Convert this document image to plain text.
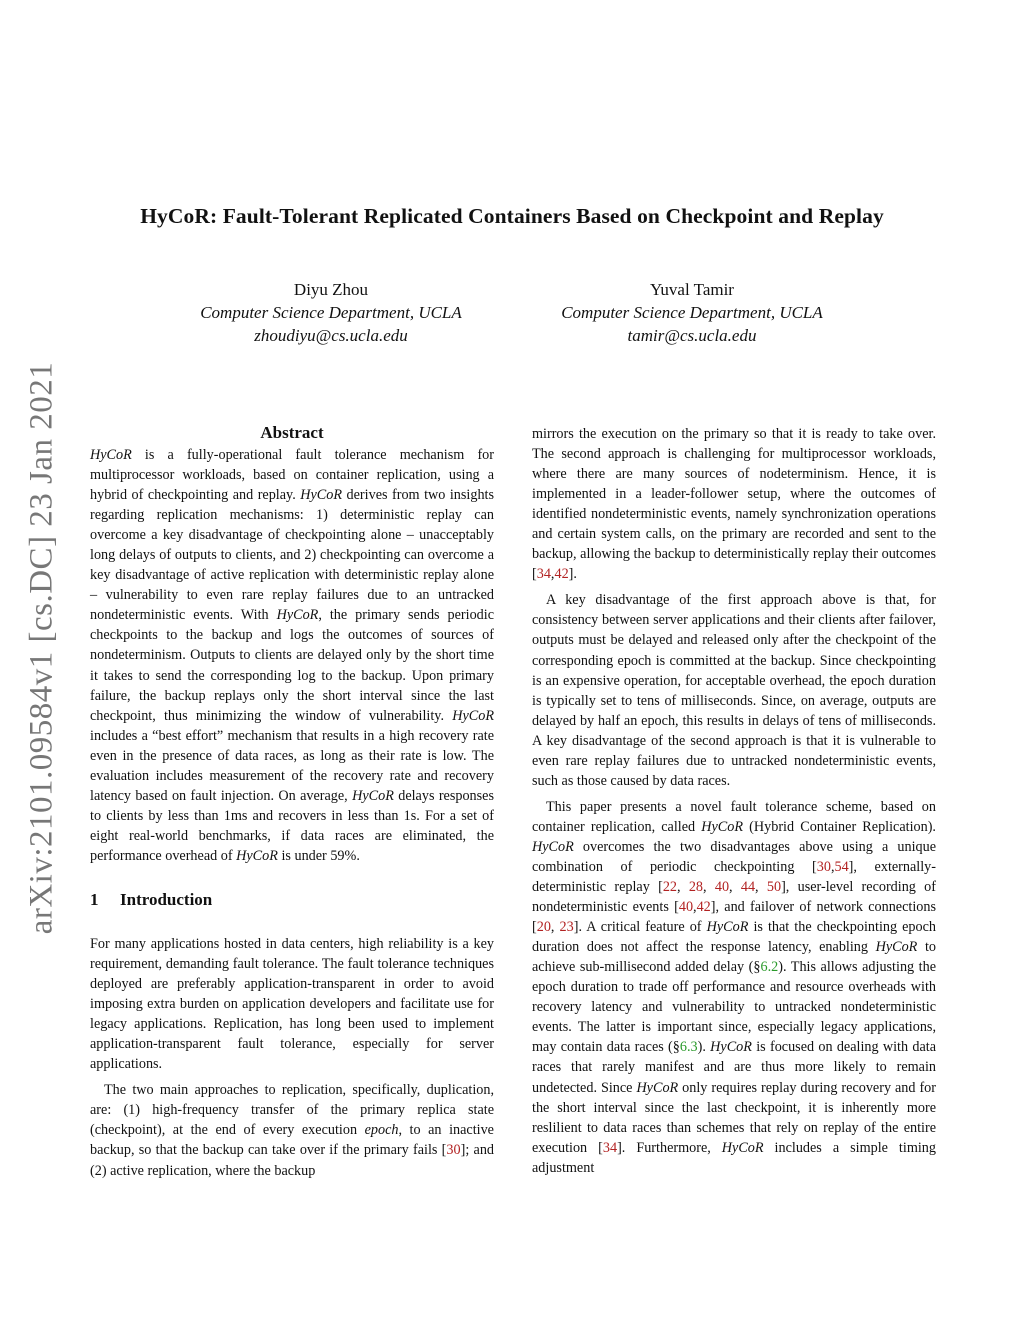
HyCoR: Fault-Tolerant Replicated Containers Based on Checkpoint and Replay
Diyu Zhou
Computer Science Department, UCLA
zhoudiyu@cs.ucla.edu
Yuval Tamir
Computer Science Department, UCLA
tamir@cs.ucla.edu
arXiv:2101.09584v1 [cs.DC] 23 Jan 2021	Abstract

HyCoR is a fully-operational fault tolerance mechanism for multiprocessor workloads, based on container replication, using a hybrid of checkpointing and replay. HyCoR derives from two insights regarding replication mechanisms: 1) deterministic replay can overcome a key disadvantage of checkpointing alone – unacceptably long delays of outputs to clients, and 2) checkpointing can overcome a key disadvantage of active replication with deterministic replay alone – vulnerability to even rare replay failures due to an untracked nondeterministic events. With HyCoR, the primary sends periodic checkpoints to the backup and logs the outcomes of sources of nondeterminism. Outputs to clients are delayed only by the short time it takes to send the corresponding log to the backup. Upon primary failure, the backup replays only the short interval since the last checkpoint, thus minimizing the window of vulnerability. HyCoR includes a “best effort” mechanism that results in a high recovery rate even in the presence of data races, as long as their rate is low. The evaluation includes measurement of the recovery rate and recovery latency based on fault injection. On average, HyCoR delays responses to clients by less than 1ms and recovers in less than 1s. For a set of eight real-world benchmarks, if data races are eliminated, the performance overhead of HyCoR is under 59%.

1 Introduction

For many applications hosted in data centers, high reliability is a key requirement, demanding fault tolerance. The fault tolerance techniques deployed are preferably application-transparent in order to avoid imposing extra burden on application developers and facilitate use for legacy applications. Replication, has long been used to implement application-transparent fault tolerance, especially for server applications.

The two main approaches to replication, specifically, duplication, are: (1) high-frequency transfer of the primary replica state (checkpoint), at the end of every execution epoch, to an inactive backup, so that the backup can take over if the primary fails [30]; and (2) active replication, where the backup

mirrors the execution on the primary so that it is ready to take over. The second approach is challenging for multiprocessor workloads, where there are many sources of nodeterminism. Hence, it is implemented in a leader-follower setup, where the outcomes of identified nondeterministic events, namely synchronization operations and certain system calls, on the primary are recorded and sent to the backup, allowing the backup to deterministically replay their outcomes [34,42].

A key disadvantage of the first approach above is that, for consistency between server applications and their clients after failover, outputs must be delayed and released only after the checkpoint of the corresponding epoch is committed at the backup. Since checkpointing is an expensive operation, for acceptable overhead, the epoch duration is typically set to tens of milliseconds. Since, on average, outputs are delayed by half an epoch, this results in delays of tens of milliseconds. A key disadvantage of the second approach is that it is vulnerable to even rare replay failures due to untracked nondeterministic events, such as those caused by data races.

This paper presents a novel fault tolerance scheme, based on container replication, called HyCoR (Hybrid Container Replication). HyCoR overcomes the two disadvantages above using a unique combination of periodic checkpointing [30,54], externally-deterministic replay [22, 28, 40, 44, 50], user-level recording of nondeterministic events [40,42], and failover of network connections [20, 23]. A critical feature of HyCoR is that the checkpointing epoch duration does not affect the response latency, enabling HyCoR to achieve sub-millisecond added delay (§6.2). This allows adjusting the epoch duration to trade off performance and resource overheads with recovery latency and vulnerability to untracked nondeterministic events. The latter is important since, especially legacy applications, may contain data races (§6.3). HyCoR is focused on dealing with data races that rarely manifest and are thus more likely to remain undetected. Since HyCoR only requires replay during recovery and for the short interval since the last checkpoint, it is inherently more reslilient to data races than schemes that rely on replay of the entire execution [34]. Furthermore, HyCoR includes a simple timing adjustment
